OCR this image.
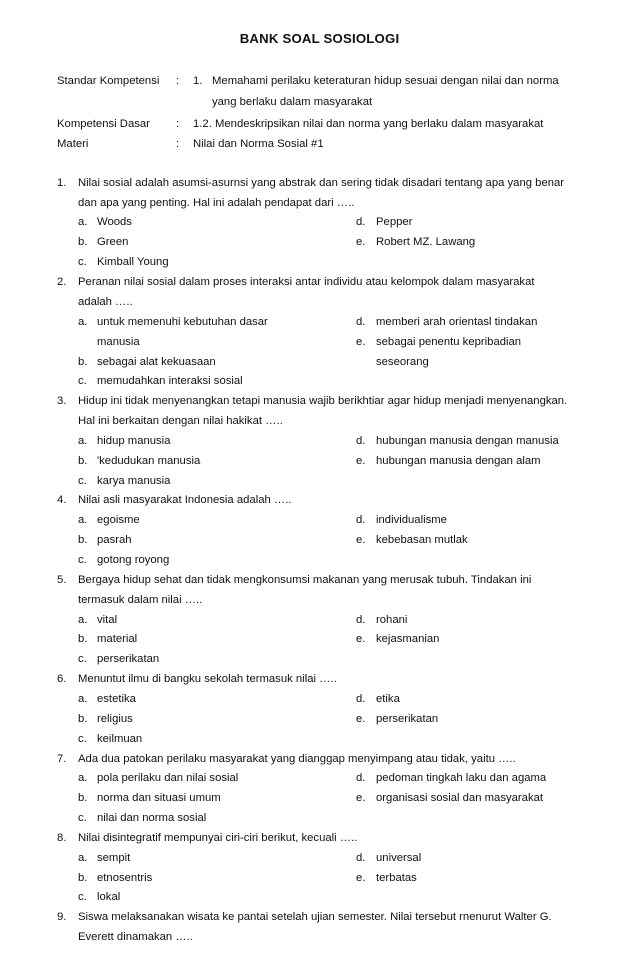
BANK SOAL SOSIOLOGI
Standar Kompetensi : 1. Memahami perilaku keteraturan hidup sesuai dengan nilai dan norma
yang berlaku dalam masyarakat
Kompetensi Dasar : 1.2. Mendeskripsikan nilai dan norma yang berlaku dalam masyarakat
Materi	: Nilai dan Norma Sosial #1
1. Nilai sosial adalah asumsi-asurnsi yang abstrak dan sering tidak disadari tentang apa yang benar
dan apa yang penting. Hal ini adalah pendapat dari …..
a. Woods	d. Pepper
b. Green	e. Robert MZ. Lawang
c. Kimball Young
2. Peranan nilai sosial dalam proses interaksi antar individu atau kelompok dalam masyarakat
adalah …..
a. untuk memenuhi kebutuhan dasar	d. memberi arah orientasl tindakan
manusia	e. sebagai penentu kepribadian
b. sebagai alat kekuasaan	seseorang
c. memudahkan interaksi sosial
3. Hidup ini tidak menyenangkan tetapi manusia wajib berikhtiar agar hidup menjadi menyenangkan.
Hal ini berkaitan dengan nilai hakikat …..
a. hidup manusia	d. hubungan manusia dengan manusia
b. 'kedudukan manusia	e. hubungan manusia dengan alam
c. karya manusia
4. Nilai asli masyarakat Indonesia adalah …..
a. egoisme	d. individualisme
b. pasrah	e. kebebasan mutlak
c. gotong royong
5. Bergaya hidup sehat dan tidak mengkonsumsi makanan yang merusak tubuh. Tindakan ini
termasuk dalam nilai …..
a. vital	d. rohani
b. material	e. kejasmanian
c. perserikatan
6. Menuntut ilmu di bangku sekolah termasuk nilai …..
a. estetika	d. etika
b. religius	e. perserikatan
c. keilmuan
7. Ada dua patokan perilaku masyarakat yang dianggap menyimpang atau tidak, yaitu …..
a. pola perilaku dan nilai sosial	d. pedoman tingkah laku dan agama
b. norma dan situasi umum	e. organisasi sosial dan masyarakat
c. nilai dan norma sosial
8. Nilai disintegratif mempunyai ciri-ciri berikut, kecuali …..
a. sempit	d. universal
b. etnosentris	e. terbatas
c. lokal
9. Siswa melaksanakan wisata ke pantai setelah ujian semester. Nilai tersebut rnenurut Walter G.
Everett dinamakan …..
